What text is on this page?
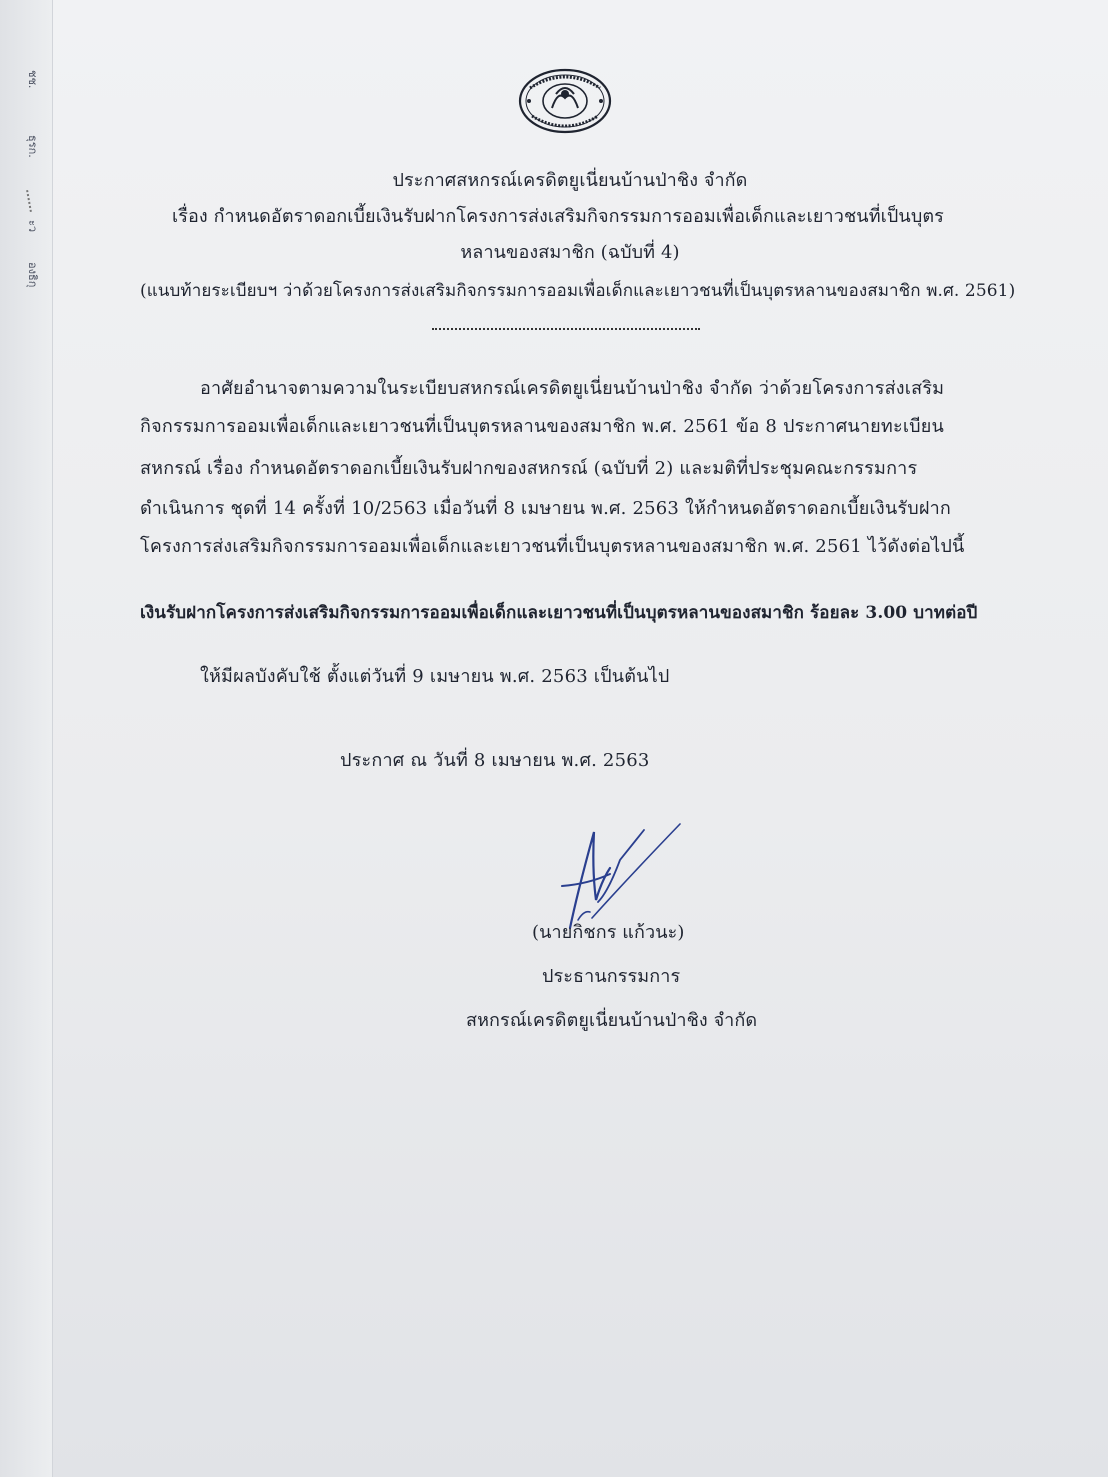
ชช.
ธุรก.
ะว
องธิกุ
ประกาศสหกรณ์เครดิตยูเนี่ยนบ้านป่าชิง จำกัด
เรื่อง กำหนดอัตราดอกเบี้ยเงินรับฝากโครงการส่งเสริมกิจกรรมการออมเพื่อเด็กและเยาวชนที่เป็นบุตร
หลานของสมาชิก (ฉบับที่ 4)
(แนบท้ายระเบียบฯ ว่าด้วยโครงการส่งเสริมกิจกรรมการออมเพื่อเด็กและเยาวชนที่เป็นบุตรหลานของสมาชิก พ.ศ. 2561)
อาศัยอำนาจตามความในระเบียบสหกรณ์เครดิตยูเนี่ยนบ้านป่าชิง จำกัด ว่าด้วยโครงการส่งเสริม
กิจกรรมการออมเพื่อเด็กและเยาวชนที่เป็นบุตรหลานของสมาชิก พ.ศ. 2561 ข้อ 8 ประกาศนายทะเบียน
สหกรณ์ เรื่อง กำหนดอัตราดอกเบี้ยเงินรับฝากของสหกรณ์ (ฉบับที่ 2) และมติที่ประชุมคณะกรรมการ
ดำเนินการ ชุดที่ 14 ครั้งที่ 10/2563 เมื่อวันที่ 8 เมษายน พ.ศ. 2563 ให้กำหนดอัตราดอกเบี้ยเงินรับฝาก
โครงการส่งเสริมกิจกรรมการออมเพื่อเด็กและเยาวชนที่เป็นบุตรหลานของสมาชิก พ.ศ. 2561 ไว้ดังต่อไปนี้
เงินรับฝากโครงการส่งเสริมกิจกรรมการออมเพื่อเด็กและเยาวชนที่เป็นบุตรหลานของสมาชิก ร้อยละ 3.00 บาทต่อปี
ให้มีผลบังคับใช้ ตั้งแต่วันที่ 9 เมษายน พ.ศ. 2563 เป็นต้นไป
ประกาศ ณ วันที่ 8 เมษายน พ.ศ. 2563
(นายกิชกร แก้วนะ)
ประธานกรรมการ
สหกรณ์เครดิตยูเนี่ยนบ้านป่าชิง จำกัด
